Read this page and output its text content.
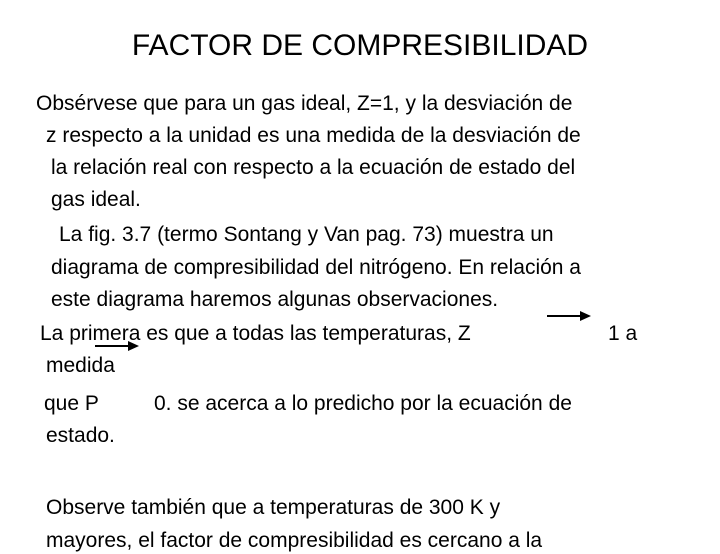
FACTOR DE COMPRESIBILIDAD
Obsérvese que para un gas ideal, Z=1, y la desviación de
z respecto a la unidad es una medida de la desviación de
la relación real con respecto a la ecuación de estado del
gas ideal.
La fig. 3.7 (termo Sontang y Van pag. 73) muestra un
diagrama de compresibilidad del nitrógeno. En relación a
este diagrama haremos algunas observaciones.
La primera es que a todas las temperaturas, Z	1 a
medida
que P	0. se acerca a lo predicho por la ecuación de
estado.
Observe también que a temperaturas de 300 K y
mayores, el factor de compresibilidad es cercano a la
